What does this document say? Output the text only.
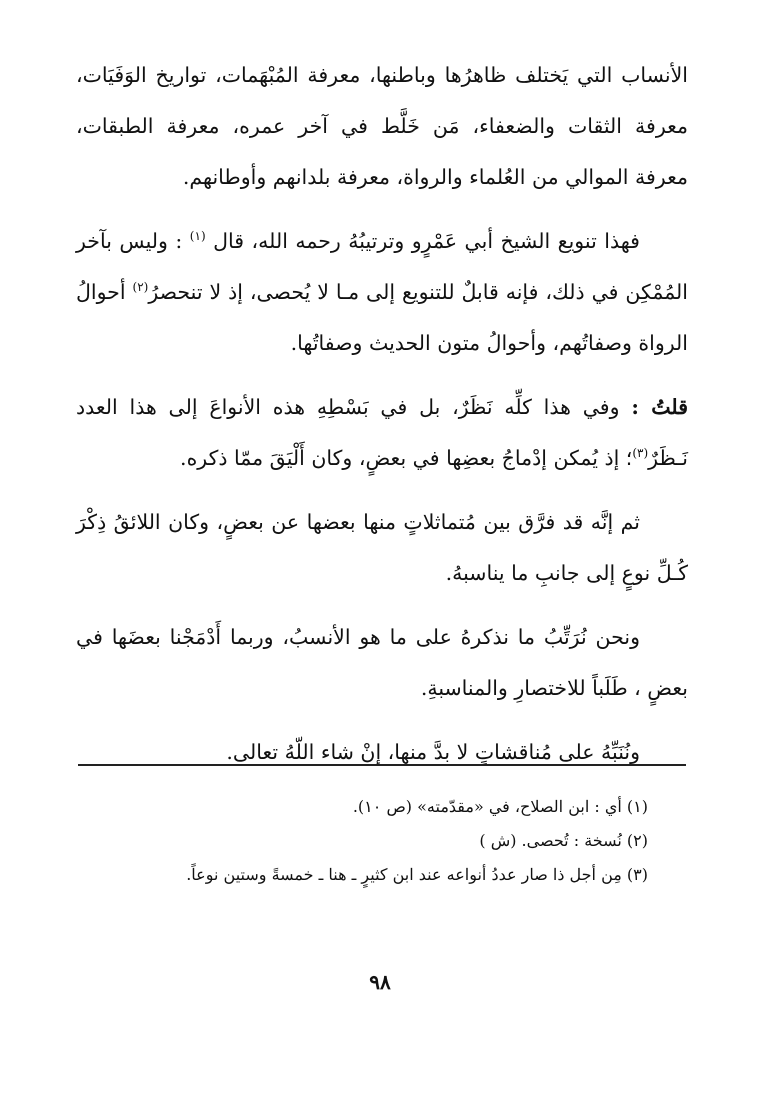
الأنساب التي يَختلف ظاهرُها وباطنها، معرفة المُبْهَمات، تواريخ الوَفَيَات، معرفة الثقات والضعفاء، مَن خَلَّط في آخر عمره، معرفة الطبقات، معرفة الموالي من العُلماء والرواة، معرفة بلدانهم وأوطانهم.

فهذا تنويع الشيخ أبي عَمْرٍو وترتيبُهُ رحمه الله، قال $^{(١)}$ : وليس بآخر المُمْكِن في ذلك، فإنه قابلٌ للتنويع إلى مـا لا يُحصى، إذ لا تنحصرُ$^{(٢)}$ أحوالُ الرواة وصفاتُهم، وأحوالُ متون الحديث وصفاتُها.

قلتُ : وفي هذا كلِّه نَظَرٌ، بل في بَسْطِهِ هذه الأنواعَ إلى هذا العدد نَـظَرٌ$^{(٣)}$؛ إذ يُمكن إدْماجُ بعضِها في بعضٍ، وكان أَلْيَقَ ممّا ذكره.

ثم إنَّه قد فرَّق بين مُتماثلاتٍ منها بعضها عن بعضٍ، وكان اللائقُ ذِكْرَ كُـلِّ نوعٍ إلى جانبِ ما يناسبهُ.

ونحن نُرَتِّبُ ما نذكرهُ على ما هو الأنسبُ، وربما أَدْمَجْنا بعضَها في بعضٍ ، طَلَباً للاختصارِ والمناسبةِ.

ونُنَبِّهُ على مُناقشاتٍ لا بدَّ منها، إنْ شاء اللّهُ تعالى.

(١) أي : ابن الصلاح، في «مقدّمته» (ص ١٠).

(٢) نُسخة : تُحصى. (ش )

(٣) مِن أجل ذا صار عددُ أنواعه عند ابن كثيرٍ ـ هنا ـ خمسةً وستين نوعاً.

٩٨
